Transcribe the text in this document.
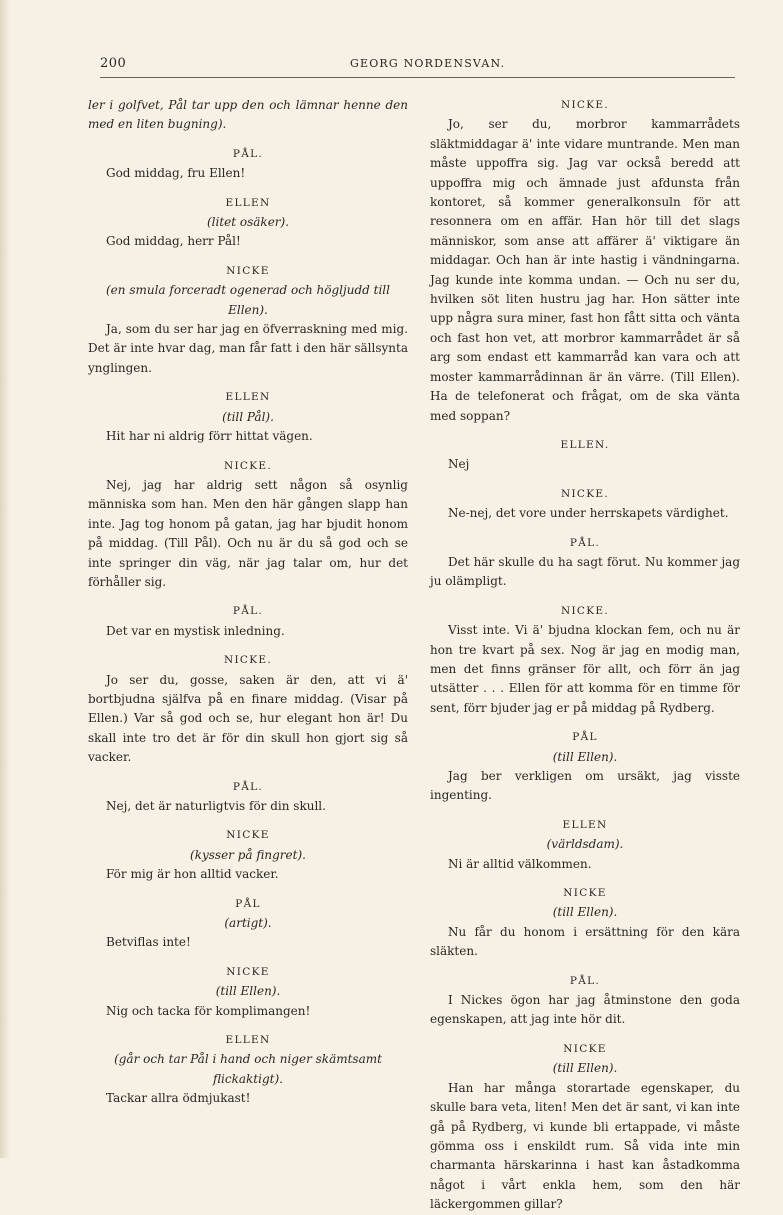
200	GEORG NORDENSVAN.

ler i golfvet, Pål tar upp den och lämnar henne den med en liten bugning).

PÅL.

God middag, fru Ellen!

ELLEN

(litet osäker).

God middag, herr Pål!

NICKE

(en smula forceradt ogenerad och högljudd till Ellen).

Ja, som du ser har jag en öfverraskning med mig. Det är inte hvar dag, man får fatt i den här sällsynta ynglingen.

ELLEN

(till Pål).

Hit har ni aldrig förr hittat vägen.

NICKE.

Nej, jag har aldrig sett någon så osynlig människa som han. Men den här gången slapp han inte. Jag tog honom på gatan, jag har bjudit honom på middag. (Till Pål). Och nu är du så god och se inte springer din väg, när jag talar om, hur det förhåller sig.

PÅL.

Det var en mystisk inledning.

NICKE.

Jo ser du, gosse, saken är den, att vi ä' bortbjudna själfva på en finare middag. (Visar på Ellen.) Var så god och se, hur elegant hon är! Du skall inte tro det är för din skull hon gjort sig så vacker.

PÅL.

Nej, det är naturligtvis för din skull.

NICKE

(kysser på fingret).

För mig är hon alltid vacker.

PÅL

(artigt).

Betviflas inte!

NICKE

(till Ellen).

Nig och tacka för komplimangen!

ELLEN

(går och tar Pål i hand och niger skämtsamt flickaktigt).

Tackar allra ödmjukast!

NICKE.

Jo, ser du, morbror kammarrådets släktmiddagar ä' inte vidare muntrande. Men man måste uppoffra sig. Jag var också beredd att uppoffra mig och ämnade just afdunsta från kontoret, så kommer generalkonsuln för att resonnera om en affär. Han hör till det slags människor, som anse att affärer ä' viktigare än middagar. Och han är inte hastig i vändningarna. Jag kunde inte komma undan. — Och nu ser du, hvilken söt liten hustru jag har. Hon sätter inte upp några sura miner, fast hon fått sitta och vänta och fast hon vet, att morbror kammarrådet är så arg som endast ett kammarråd kan vara och att moster kammarrådinnan är än värre. (Till Ellen). Ha de telefonerat och frågat, om de ska vänta med soppan?

ELLEN.

Nej

NICKE.

Ne-nej, det vore under herrskapets värdighet.

PÅL.

Det här skulle du ha sagt förut. Nu kommer jag ju olämpligt.

NICKE.

Visst inte. Vi ä' bjudna klockan fem, och nu är hon tre kvart på sex. Nog är jag en modig man, men det finns gränser för allt, och förr än jag utsätter . . . Ellen för att komma för en timme för sent, förr bjuder jag er på middag på Rydberg.

PÅL

(till Ellen).

Jag ber verkligen om ursäkt, jag visste ingenting.

ELLEN

(världsdam).

Ni är alltid välkommen.

NICKE

(till Ellen).

Nu får du honom i ersättning för den kära släkten.

PÅL.

I Nickes ögon har jag åtminstone den goda egenskapen, att jag inte hör dit.

NICKE

(till Ellen).

Han har många storartade egenskaper, du skulle bara veta, liten! Men det är sant, vi kan inte gå på Rydberg, vi kunde bli ertappade, vi måste gömma oss i enskildt rum. Så vida inte min charmanta härskarinna i hast kan åstadkomma något i vårt enkla hem, som den här läckergommen gillar?
